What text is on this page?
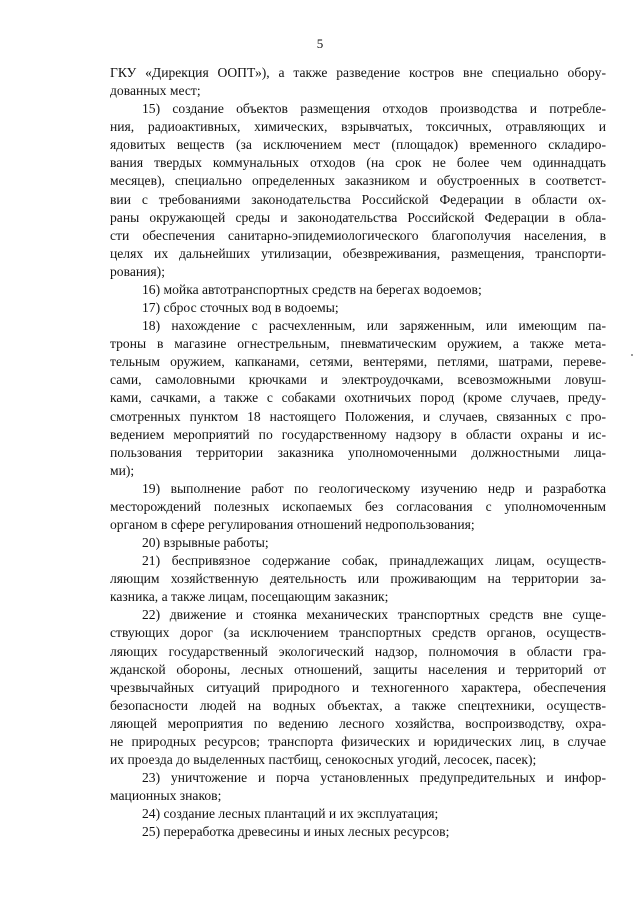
5
ГКУ «Дирекция ООПТ»), а также разведение костров вне специально обору-
дованных мест;
15) создание объектов размещения отходов производства и потребле-
ния, радиоактивных, химических, взрывчатых, токсичных, отравляющих и
ядовитых веществ (за исключением мест (площадок) временного складиро-
вания твердых коммунальных отходов (на срок не более чем одиннадцать
месяцев), специально определенных заказником и обустроенных в соответст-
вии с требованиями законодательства Российской Федерации в области ох-
раны окружающей среды и законодательства Российской Федерации в обла-
сти обеспечения санитарно-эпидемиологического благополучия населения, в
целях их дальнейших утилизации, обезвреживания, размещения, транспорти-
рования);
16) мойка автотранспортных средств на берегах водоемов;
17) сброс сточных вод в водоемы;
18) нахождение с расчехленным, или заряженным, или имеющим па-
троны в магазине огнестрельным, пневматическим оружием, а также мета-
тельным оружием, капканами, сетями, вентерями, петлями, шатрами, переве-
сами, самоловными крючками и электроудочками, всевозможными ловуш-
ками, сачками, а также с собаками охотничьих пород (кроме случаев, преду-
смотренных пунктом 18 настоящего Положения, и случаев, связанных с про-
ведением мероприятий по государственному надзору в области охраны и ис-
пользования территории заказника уполномоченными должностными лица-
ми);
19) выполнение работ по геологическому изучению недр и разработка
месторождений полезных ископаемых без согласования с уполномоченным
органом в сфере регулирования отношений недропользования;
20) взрывные работы;
21) беспривязное содержание собак, принадлежащих лицам, осуществ-
ляющим хозяйственную деятельность или проживающим на территории за-
казника, а также лицам, посещающим заказник;
22) движение и стоянка механических транспортных средств вне суще-
ствующих дорог (за исключением транспортных средств органов, осуществ-
ляющих государственный экологический надзор, полномочия в области гра-
жданской обороны, лесных отношений, защиты населения и территорий от
чрезвычайных ситуаций природного и техногенного характера, обеспечения
безопасности людей на водных объектах, а также спецтехники, осуществ-
ляющей мероприятия по ведению лесного хозяйства, воспроизводству, охра-
не природных ресурсов; транспорта физических и юридических лиц, в случае
их проезда до выделенных пастбищ, сенокосных угодий, лесосек, пасек);
23) уничтожение и порча установленных предупредительных и инфор-
мационных знаков;
24) создание лесных плантаций и их эксплуатация;
25) переработка древесины и иных лесных ресурсов;
